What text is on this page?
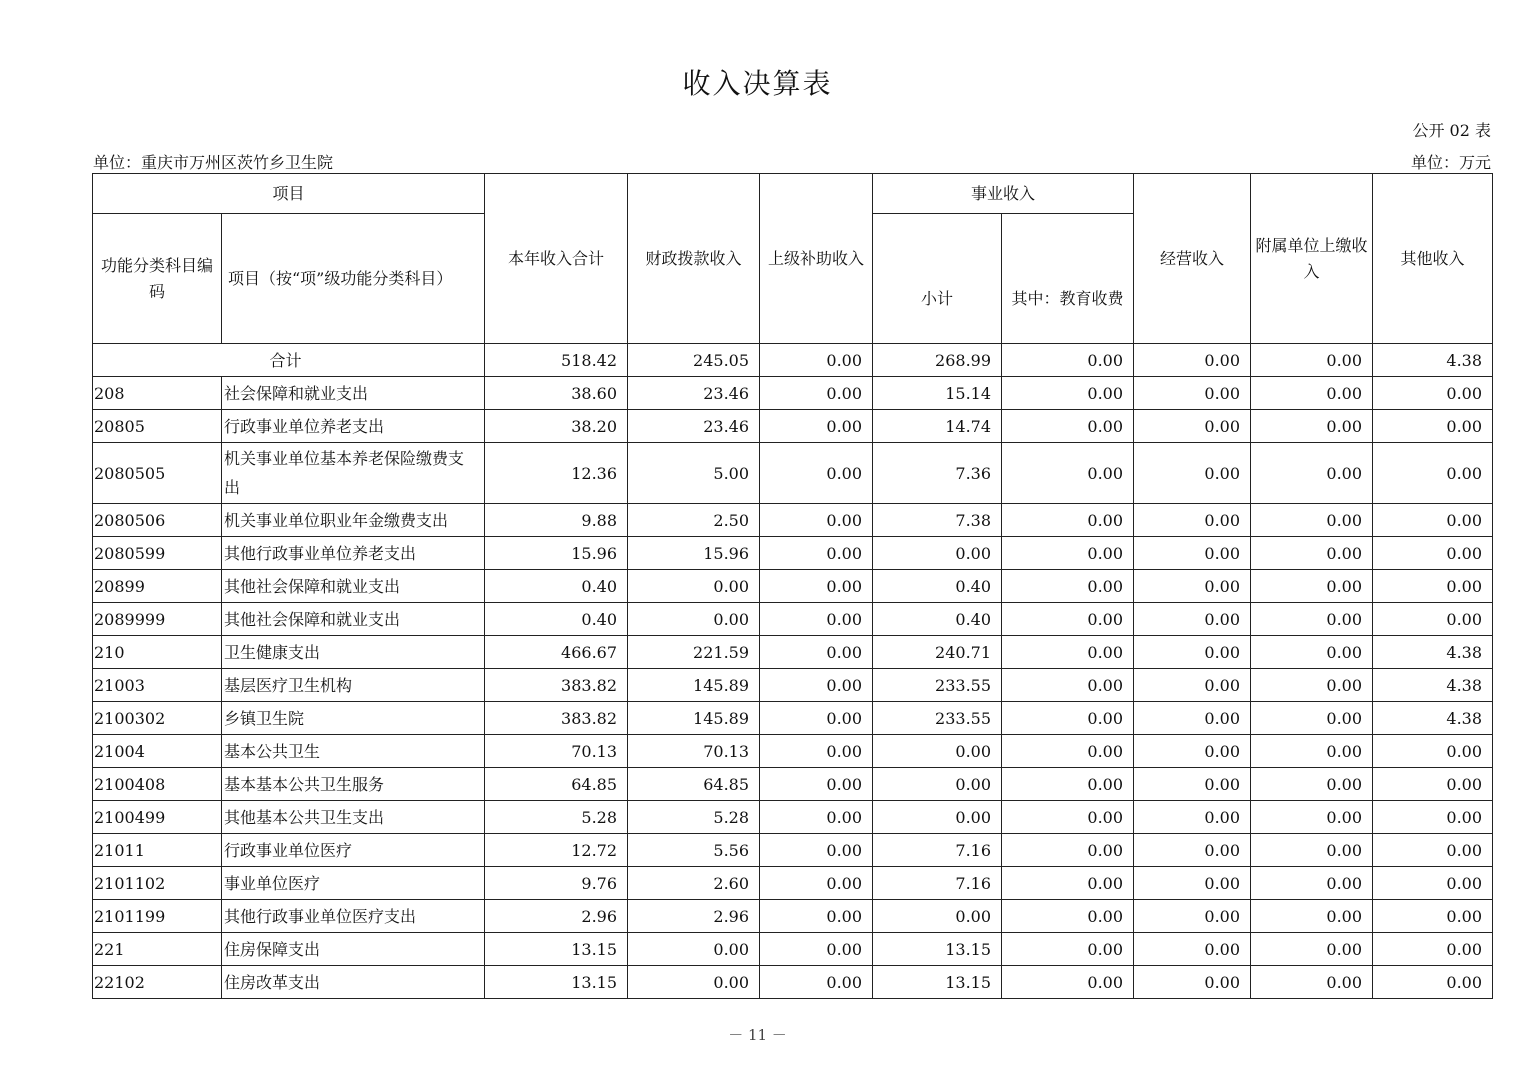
收入决算表
公开 02 表
单位：重庆市万州区茨竹乡卫生院	单位：万元
项目		本年收入合计	财政拨款收入	上级补助收入	事业收入		经营收入	附属单位上缴收入	其他收入
功能分类科目编码	项目（按“项”级功能分类科目）				小计	其中：教育收费			
合计		518.42	245.05	0.00	268.99	0.00	0.00	0.00	4.38
208	社会保障和就业支出	38.60	23.46	0.00	15.14	0.00	0.00	0.00	0.00
20805	行政事业单位养老支出	38.20	23.46	0.00	14.74	0.00	0.00	0.00	0.00
2080505	机关事业单位基本养老保险缴费支出	12.36	5.00	0.00	7.36	0.00	0.00	0.00	0.00
2080506	机关事业单位职业年金缴费支出	9.88	2.50	0.00	7.38	0.00	0.00	0.00	0.00
2080599	其他行政事业单位养老支出	15.96	15.96	0.00	0.00	0.00	0.00	0.00	0.00
20899	其他社会保障和就业支出	0.40	0.00	0.00	0.40	0.00	0.00	0.00	0.00
2089999	其他社会保障和就业支出	0.40	0.00	0.00	0.40	0.00	0.00	0.00	0.00
210	卫生健康支出	466.67	221.59	0.00	240.71	0.00	0.00	0.00	4.38
21003	基层医疗卫生机构	383.82	145.89	0.00	233.55	0.00	0.00	0.00	4.38
2100302	乡镇卫生院	383.82	145.89	0.00	233.55	0.00	0.00	0.00	4.38
21004	基本公共卫生	70.13	70.13	0.00	0.00	0.00	0.00	0.00	0.00
2100408	基本基本公共卫生服务	64.85	64.85	0.00	0.00	0.00	0.00	0.00	0.00
2100499	其他基本公共卫生支出	5.28	5.28	0.00	0.00	0.00	0.00	0.00	0.00
21011	行政事业单位医疗	12.72	5.56	0.00	7.16	0.00	0.00	0.00	0.00
2101102	事业单位医疗	9.76	2.60	0.00	7.16	0.00	0.00	0.00	0.00
2101199	其他行政事业单位医疗支出	2.96	2.96	0.00	0.00	0.00	0.00	0.00	0.00
221	住房保障支出	13.15	0.00	0.00	13.15	0.00	0.00	0.00	0.00
22102	住房改革支出	13.15	0.00	0.00	13.15	0.00	0.00	0.00	0.00
－ 11 －
